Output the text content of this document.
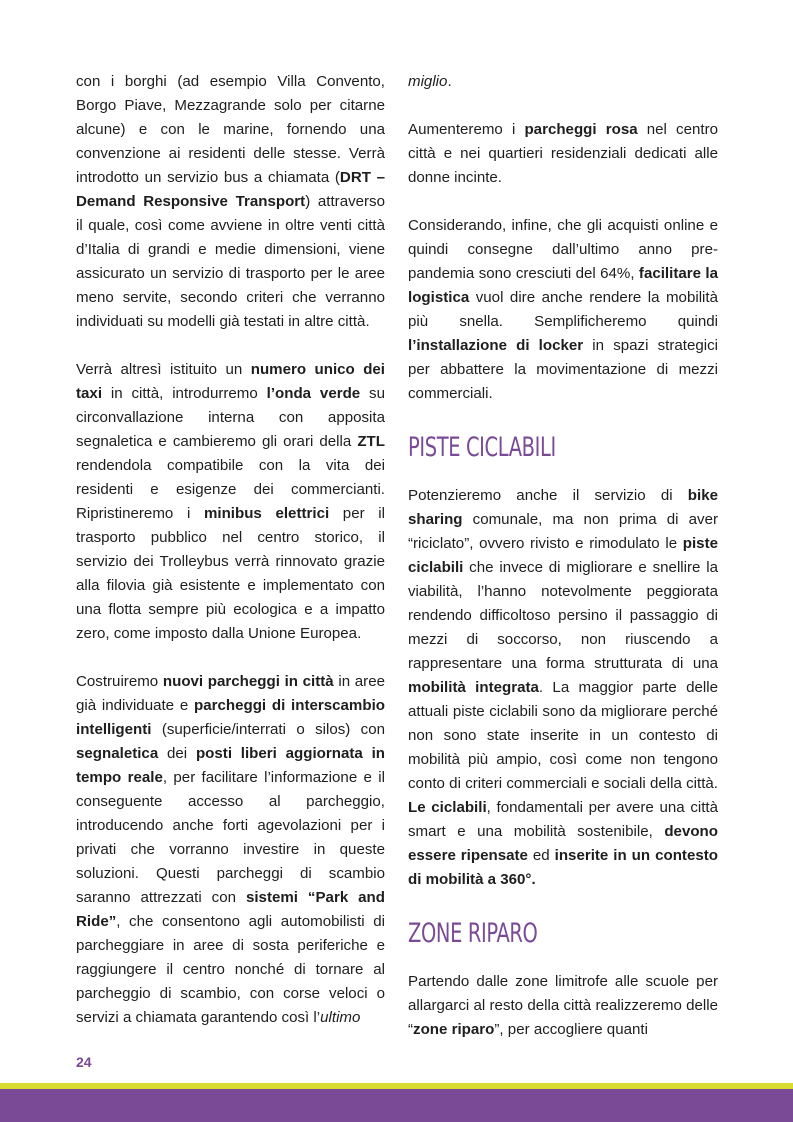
con i borghi (ad esempio Villa Convento, Borgo Piave, Mezzagrande solo per citarne alcune) e con le marine, fornendo una convenzione ai residenti delle stesse. Verrà introdotto un servizio bus a chiamata (DRT – Demand Responsive Transport) attraverso il quale, così come avviene in oltre venti città d’Italia di grandi e medie dimensioni, viene assicurato un servizio di trasporto per le aree meno servite, secondo criteri che verranno individuati su modelli già testati in altre città.

Verrà altresì istituito un numero unico dei taxi in città, introdurremo l’onda verde su circonvallazione interna con apposita segnaletica e cambieremo gli orari della ZTL rendendola compatibile con la vita dei residenti e esigenze dei commercianti. Ripristineremo i minibus elettrici per il trasporto pubblico nel centro storico, il servizio dei Trolleybus verrà rinnovato grazie alla filovia già esistente e implementato con una flotta sempre più ecologica e a impatto zero, come imposto dalla Unione Europea.

Costruiremo nuovi parcheggi in città in aree già individuate e parcheggi di interscambio intelligenti (superficie/interrati o silos) con segnaletica dei posti liberi aggiornata in tempo reale, per facilitare l’informazione e il conseguente accesso al parcheggio, introducendo anche forti agevolazioni per i privati che vorranno investire in queste soluzioni. Questi parcheggi di scambio saranno attrezzati con sistemi “Park and Ride”, che consentono agli automobilisti di parcheggiare in aree di sosta periferiche e raggiungere il centro nonché di tornare al parcheggio di scambio, con corse veloci o servizi a chiamata garantendo così l’ultimo

miglio.

Aumenteremo i parcheggi rosa nel centro città e nei quartieri residenziali dedicati alle donne incinte.

Considerando, infine, che gli acquisti online e quindi consegne dall’ultimo anno pre-pandemia sono cresciuti del 64%, facilitare la logistica vuol dire anche rendere la mobilità più snella. Semplificheremo quindi l’installazione di locker in spazi strategici per abbattere la movimentazione di mezzi commerciali.

PISTE CICLABILI

Potenzieremo anche il servizio di bike sharing comunale, ma non prima di aver “riciclato”, ovvero rivisto e rimodulato le piste ciclabili che invece di migliorare e snellire la viabilità, l’hanno notevolmente peggiorata rendendo difficoltoso persino il passaggio di mezzi di soccorso, non riuscendo a rappresentare una forma strutturata di una mobilità integrata. La maggior parte delle attuali piste ciclabili sono da migliorare perché non sono state inserite in un contesto di mobilità più ampio, così come non tengono conto di criteri commerciali e sociali della città. Le ciclabili, fondamentali per avere una città smart e una mobilità sostenibile, devono essere ripensate ed inserite in un contesto di mobilità a 360°.

ZONE RIPARO

Partendo dalle zone limitrofe alle scuole per allargarci al resto della città realizzeremo delle “zone riparo”, per accogliere quanti

24
